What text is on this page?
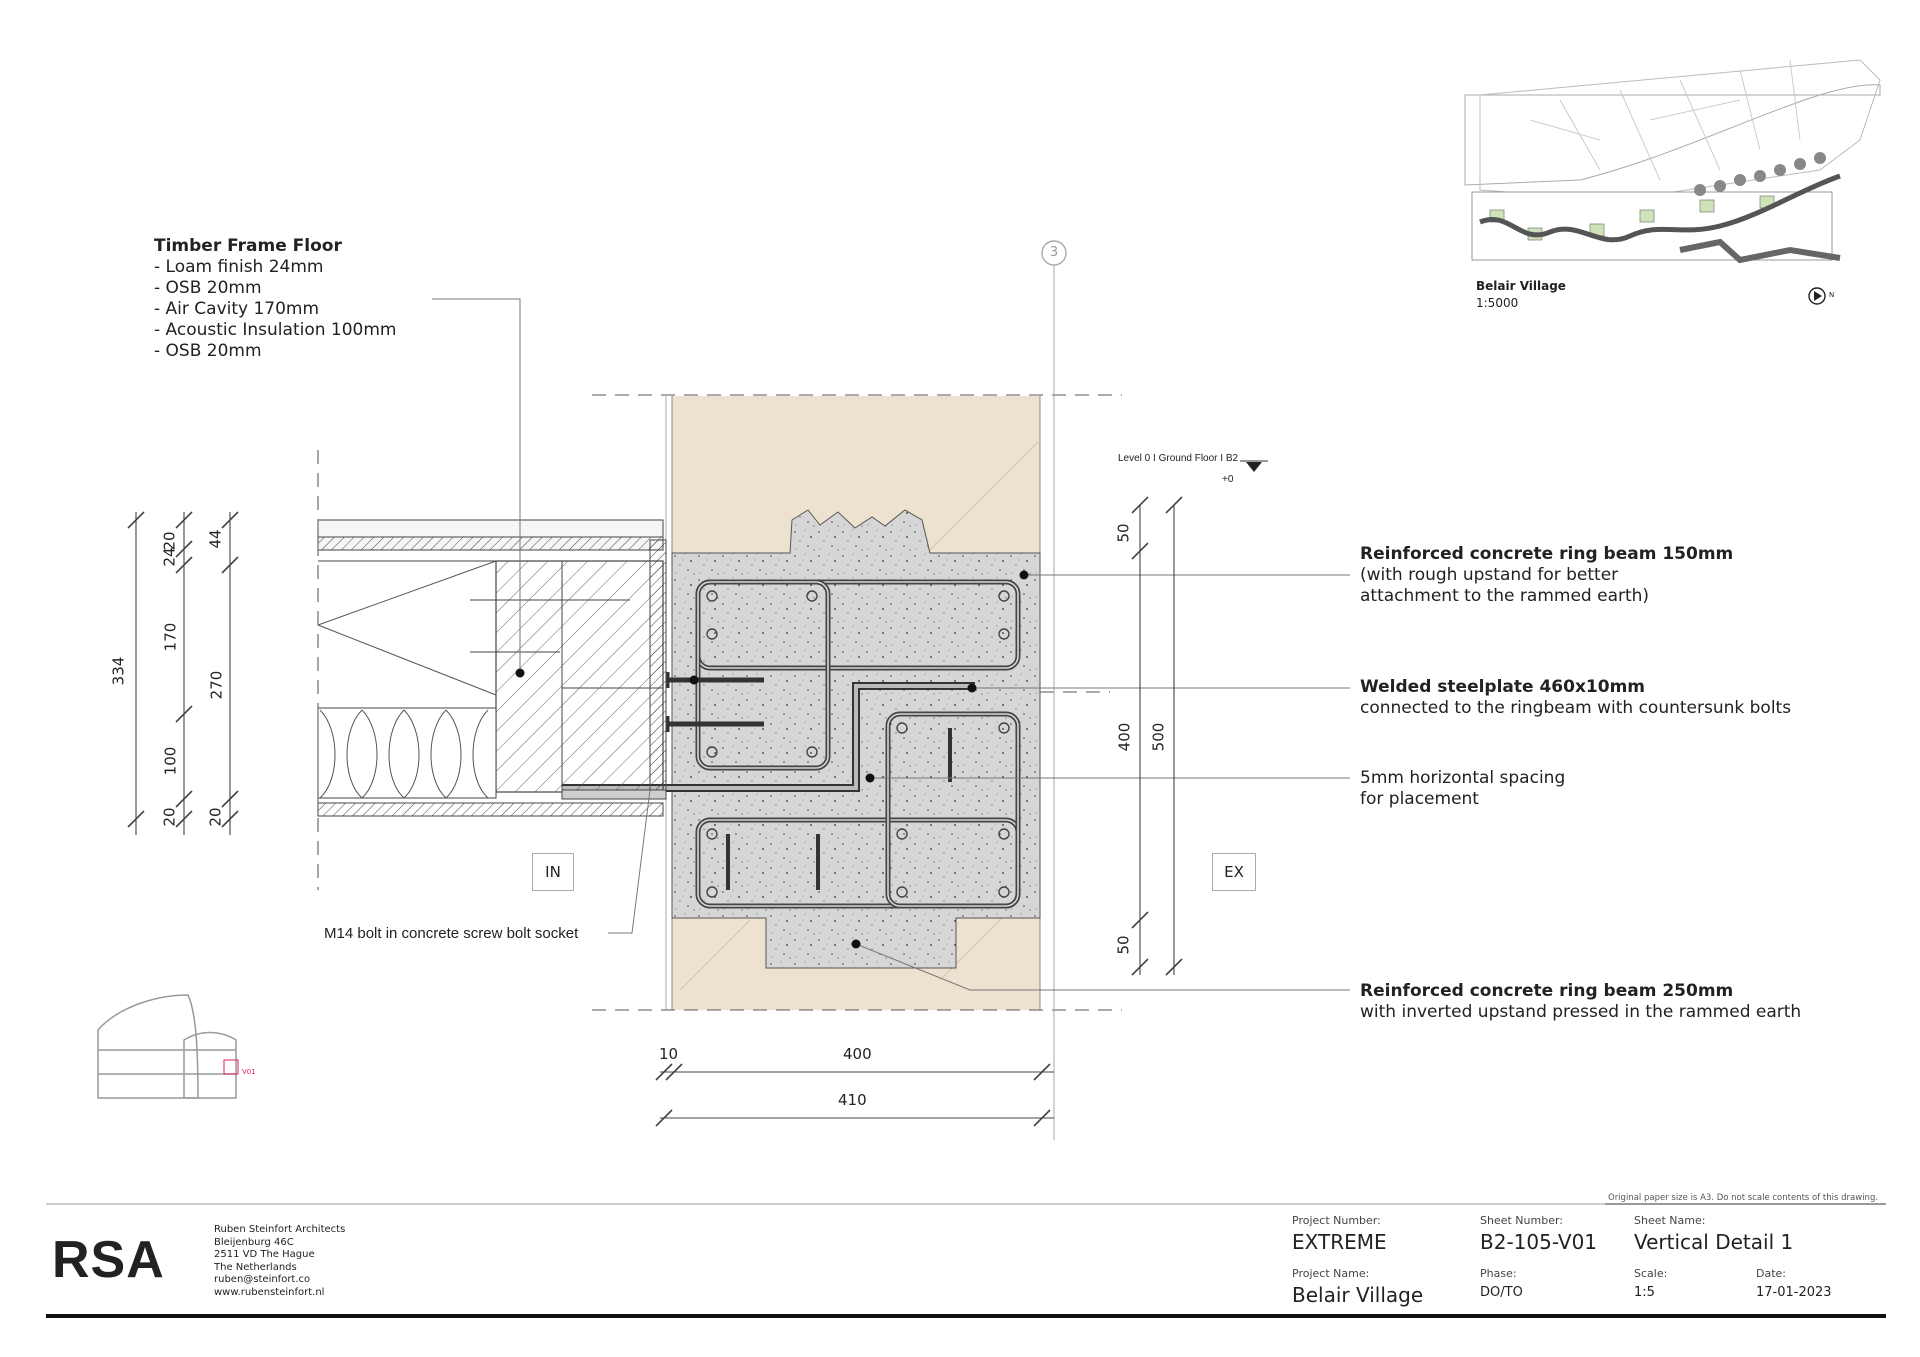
Timber Frame Floor
- Loam finish 24mm
- OSB 20mm
- Air Cavity 170mm
- Acoustic Insulation 100mm
- OSB 20mm
Reinforced concrete ring beam 150mm
(with rough upstand for better
attachment to the rammed earth)
Welded steelplate 460x10mm
connected to the ringbeam with countersunk bolts
5mm horizontal spacing
for placement
Reinforced concrete ring beam 250mm
with inverted upstand pressed in the rammed earth
M14 bolt in concrete screw bolt socket
Level 0 I Ground Floor I B2
+0
3
IN	EX
334
20
24
170
100
20
44
270
20
50
400
50
500
10	400
410
Belair Village
1:5000
N
V01
Original paper size is A3. Do not scale contents of this drawing.
RSA
Ruben Steinfort Architects
Bleijenburg 46C
2511 VD The Hague
The Netherlands
ruben@steinfort.co
www.rubensteinfort.nl
Project Number:
EXTREME
Project Name:
Belair Village
Sheet Number:
B2-105-V01
Phase:
DO/TO
Sheet Name:
Vertical Detail 1
Scale:
1:5
Date:
17-01-2023
